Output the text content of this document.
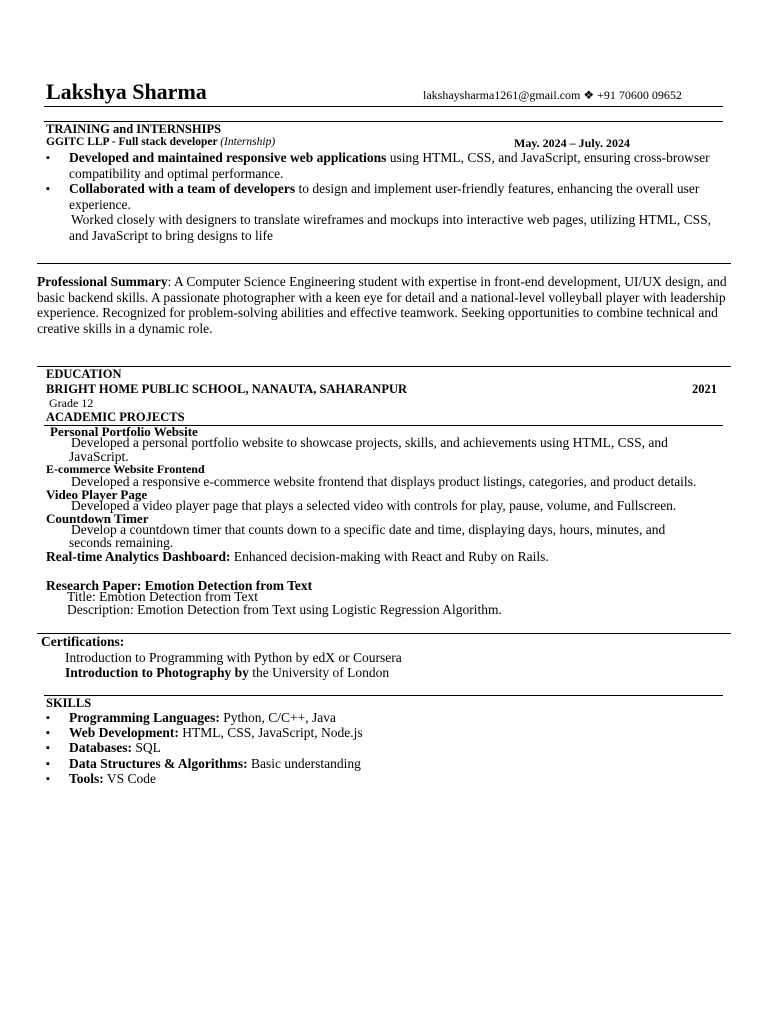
Lakshya Sharma	lakshaysharma1261@gmail.com ❖ +91 70600 09652
TRAINING and INTERNSHIPS
GGITC LLP - Full stack developer (Internship)	May. 2024 – July. 2024
▪ Developed and maintained responsive web applications using HTML, CSS, and JavaScript, ensuring cross-browser compatibility and optimal performance.
▪ Collaborated with a team of developers to design and implement user-friendly features, enhancing the overall user experience.
Worked closely with designers to translate wireframes and mockups into interactive web pages, utilizing HTML, CSS, and JavaScript to bring designs to life
Professional Summary: A Computer Science Engineering student with expertise in front-end development, UI/UX design, and basic backend skills. A passionate photographer with a keen eye for detail and a national-level volleyball player with leadership experience. Recognized for problem-solving abilities and effective teamwork. Seeking opportunities to combine technical and creative skills in a dynamic role.
EDUCATION
BRIGHT HOME PUBLIC SCHOOL, NANAUTA, SAHARANPUR	2021
Grade 12
ACADEMIC PROJECTS
Personal Portfolio Website
Developed a personal portfolio website to showcase projects, skills, and achievements using HTML, CSS, and JavaScript.
E-commerce Website Frontend
Developed a responsive e-commerce website frontend that displays product listings, categories, and product details.
Video Player Page
Developed a video player page that plays a selected video with controls for play, pause, volume, and Fullscreen.
Countdown Timer
Develop a countdown timer that counts down to a specific date and time, displaying days, hours, minutes, and seconds remaining.
Real-time Analytics Dashboard: Enhanced decision-making with React and Ruby on Rails.
Research Paper: Emotion Detection from Text
Title: Emotion Detection from Text
Description: Emotion Detection from Text using Logistic Regression Algorithm.
Certifications:
Introduction to Programming with Python by edX or Coursera
Introduction to Photography by the University of London
SKILLS
▪ Programming Languages: Python, C/C++, Java
▪ Web Development: HTML, CSS, JavaScript, Node.js
▪ Databases: SQL
▪ Data Structures & Algorithms: Basic understanding
▪ Tools: VS Code
